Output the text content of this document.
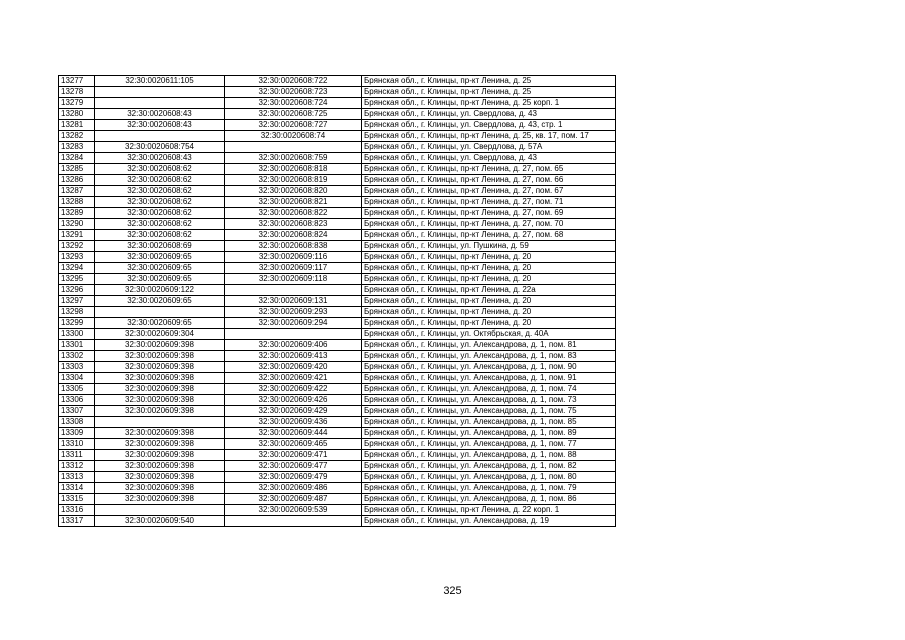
13277	32:30:0020611:105	32:30:0020608:722	Брянская обл., г. Клинцы, пр-кт Ленина, д. 25
13278		32:30:0020608:723	Брянская обл., г. Клинцы, пр-кт Ленина, д. 25
13279		32:30:0020608:724	Брянская обл., г. Клинцы, пр-кт Ленина, д. 25 корп. 1
13280	32:30:0020608:43	32:30:0020608:725	Брянская обл., г. Клинцы, ул. Свердлова, д. 43
13281	32:30:0020608:43	32:30:0020608:727	Брянская обл., г. Клинцы, ул. Свердлова, д. 43, стр. 1
13282		32:30:0020608:74	Брянская обл., г. Клинцы, пр-кт Ленина, д. 25, кв. 17, пом. 17
13283	32:30:0020608:754		Брянская обл., г. Клинцы, ул. Свердлова, д. 57А
13284	32:30:0020608:43	32:30:0020608:759	Брянская обл., г. Клинцы, ул. Свердлова, д. 43
13285	32:30:0020608:62	32:30:0020608:818	Брянская обл., г. Клинцы, пр-кт Ленина, д. 27, пом. 65
13286	32:30:0020608:62	32:30:0020608:819	Брянская обл., г. Клинцы, пр-кт Ленина, д. 27, пом. 66
13287	32:30:0020608:62	32:30:0020608:820	Брянская обл., г. Клинцы, пр-кт Ленина, д. 27, пом. 67
13288	32:30:0020608:62	32:30:0020608:821	Брянская обл., г. Клинцы, пр-кт Ленина, д. 27, пом. 71
13289	32:30:0020608:62	32:30:0020608:822	Брянская обл., г. Клинцы, пр-кт Ленина, д. 27, пом. 69
13290	32:30:0020608:62	32:30:0020608:823	Брянская обл., г. Клинцы, пр-кт Ленина, д. 27, пом. 70
13291	32:30:0020608:62	32:30:0020608:824	Брянская обл., г. Клинцы, пр-кт Ленина, д. 27, пом. 68
13292	32:30:0020608:69	32:30:0020608:838	Брянская обл., г. Клинцы, ул. Пушкина, д. 59
13293	32:30:0020609:65	32:30:0020609:116	Брянская обл., г. Клинцы, пр-кт Ленина, д. 20
13294	32:30:0020609:65	32:30:0020609:117	Брянская обл., г. Клинцы, пр-кт Ленина, д. 20
13295	32:30:0020609:65	32:30:0020609:118	Брянская обл., г. Клинцы, пр-кт Ленина, д. 20
13296	32:30:0020609:122		Брянская обл., г. Клинцы, пр-кт Ленина, д. 22а
13297	32:30:0020609:65	32:30:0020609:131	Брянская обл., г. Клинцы, пр-кт Ленина, д. 20
13298		32:30:0020609:293	Брянская обл., г. Клинцы, пр-кт Ленина, д. 20
13299	32:30:0020609:65	32:30:0020609:294	Брянская обл., г. Клинцы, пр-кт Ленина, д. 20
13300	32:30:0020609:304		Брянская обл., г. Клинцы, ул. Октябрьская, д. 40А
13301	32:30:0020609:398	32:30:0020609:406	Брянская обл., г. Клинцы, ул. Александрова, д. 1, пом. 81
13302	32:30:0020609:398	32:30:0020609:413	Брянская обл., г. Клинцы, ул. Александрова, д. 1, пом. 83
13303	32:30:0020609:398	32:30:0020609:420	Брянская обл., г. Клинцы, ул. Александрова, д. 1, пом. 90
13304	32:30:0020609:398	32:30:0020609:421	Брянская обл., г. Клинцы, ул. Александрова, д. 1, пом. 91
13305	32:30:0020609:398	32:30:0020609:422	Брянская обл., г. Клинцы, ул. Александрова, д. 1, пом. 74
13306	32:30:0020609:398	32:30:0020609:426	Брянская обл., г. Клинцы, ул. Александрова, д. 1, пом. 73
13307	32:30:0020609:398	32:30:0020609:429	Брянская обл., г. Клинцы, ул. Александрова, д. 1, пом. 75
13308		32:30:0020609:436	Брянская обл., г. Клинцы, ул. Александрова, д. 1, пом. 85
13309	32:30:0020609:398	32:30:0020609:444	Брянская обл., г. Клинцы, ул. Александрова, д. 1, пом. 89
13310	32:30:0020609:398	32:30:0020609:465	Брянская обл., г. Клинцы, ул. Александрова, д. 1, пом. 77
13311	32:30:0020609:398	32:30:0020609:471	Брянская обл., г. Клинцы, ул. Александрова, д. 1, пом. 88
13312	32:30:0020609:398	32:30:0020609:477	Брянская обл., г. Клинцы, ул. Александрова, д. 1, пом. 82
13313	32:30:0020609:398	32:30:0020609:479	Брянская обл., г. Клинцы, ул. Александрова, д. 1, пом. 80
13314	32:30:0020609:398	32:30:0020609:486	Брянская обл., г. Клинцы, ул. Александрова, д. 1, пом. 79
13315	32:30:0020609:398	32:30:0020609:487	Брянская обл., г. Клинцы, ул. Александрова, д. 1, пом. 86
13316		32:30:0020609:539	Брянская обл., г. Клинцы, пр-кт Ленина, д. 22 корп. 1
13317	32:30:0020609:540		Брянская обл., г. Клинцы, ул. Александрова, д. 19
325
